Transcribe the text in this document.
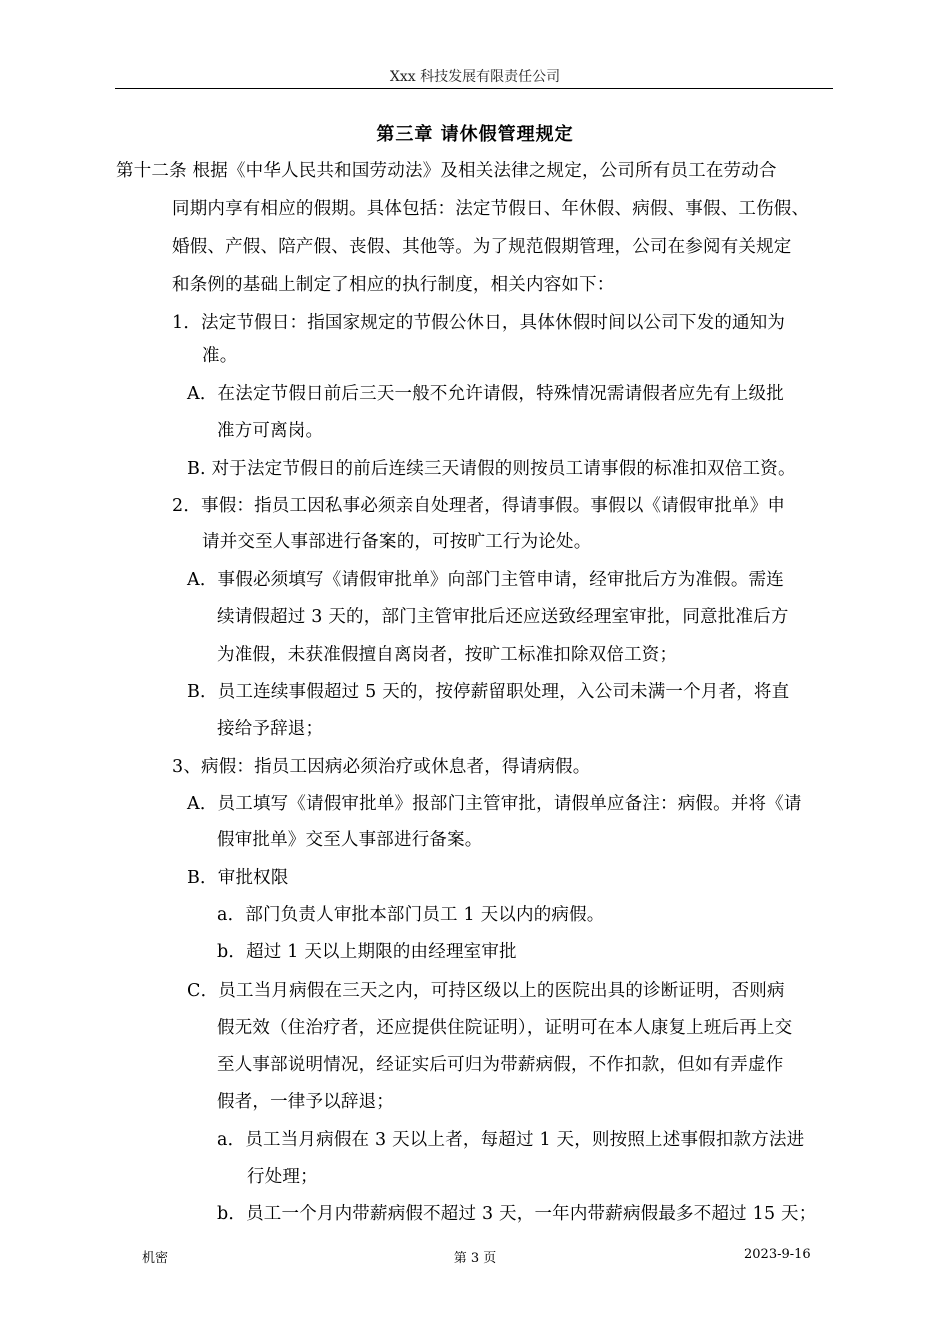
Xxx 科技发展有限责任公司
第三章 请休假管理规定
第十二条 根据《中华人民共和国劳动法》及相关法律之规定，公司所有员工在劳动合
同期内享有相应的假期。具体包括：法定节假日、年休假、病假、事假、工伤假、
婚假、产假、陪产假、丧假、其他等。为了规范假期管理，公司在参阅有关规定
和条例的基础上制定了相应的执行制度，相关内容如下：
1．法定节假日：指国家规定的节假公休日，具体休假时间以公司下发的通知为
准。
A．在法定节假日前后三天一般不允许请假，特殊情况需请假者应先有上级批
准方可离岗。
B. 对于法定节假日的前后连续三天请假的则按员工请事假的标准扣双倍工资。
2．事假：指员工因私事必须亲自处理者，得请事假。事假以《请假审批单》申
请并交至人事部进行备案的，可按旷工行为论处。
A．事假必须填写《请假审批单》向部门主管申请，经审批后方为准假。需连
续请假超过 3 天的，部门主管审批后还应送致经理室审批，同意批准后方
为准假，未获准假擅自离岗者，按旷工标准扣除双倍工资；
B．员工连续事假超过 5 天的，按停薪留职处理，入公司未满一个月者，将直
接给予辞退；
3、病假：指员工因病必须治疗或休息者，得请病假。
A．员工填写《请假审批单》报部门主管审批，请假单应备注：病假。并将《请
假审批单》交至人事部进行备案。
B．审批权限
a．部门负责人审批本部门员工 1 天以内的病假。
b．超过 1 天以上期限的由经理室审批
C．员工当月病假在三天之内，可持区级以上的医院出具的诊断证明，否则病
假无效（住治疗者，还应提供住院证明），证明可在本人康复上班后再上交
至人事部说明情况，经证实后可归为带薪病假，不作扣款，但如有弄虚作
假者，一律予以辞退；
a．员工当月病假在 3 天以上者，每超过 1 天，则按照上述事假扣款方法进
行处理；
b．员工一个月内带薪病假不超过 3 天，一年内带薪病假最多不超过 15 天；
机密	第 3 页	2023-9-16
